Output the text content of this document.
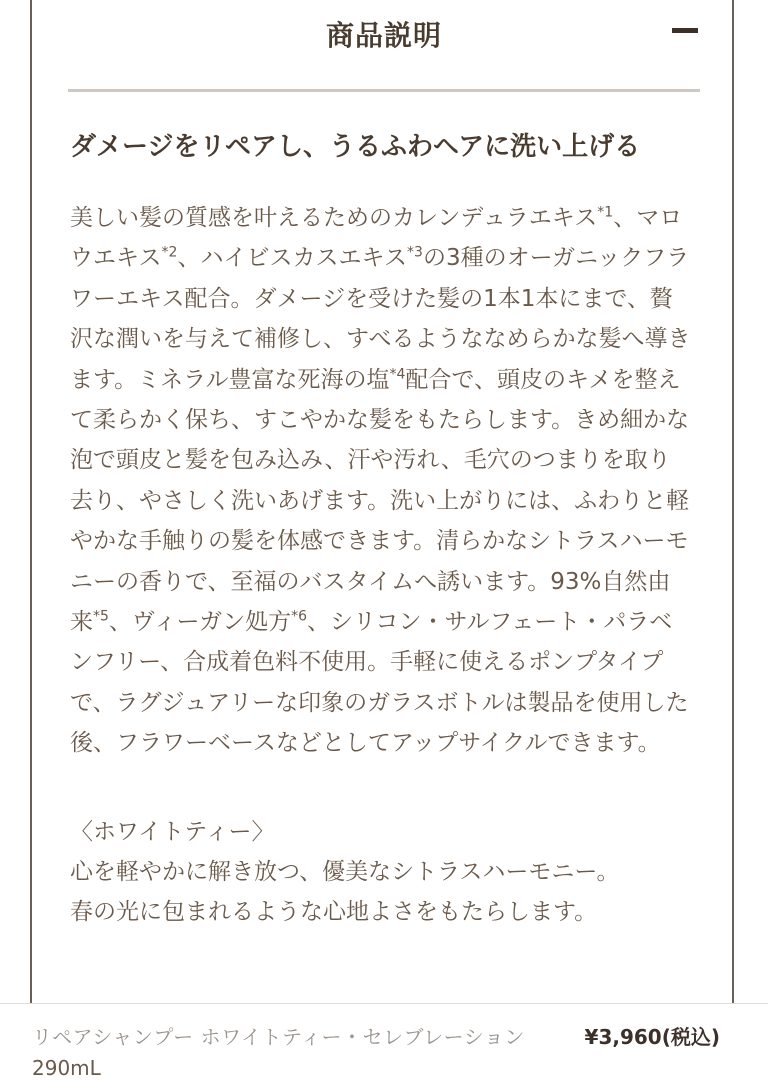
商品説明
ダメージをリペアし、うるふわヘアに洗い上げる

美しい髪の質感を叶えるためのカレンデュラエキス$^{*1}$、マロウエキス$^{*2}$、ハイビスカスエキス$^{*3}$の3種のオーガニックフラワーエキス配合。ダメージを受けた髪の1本1本にまで、贅沢な潤いを与えて補修し、すべるようななめらかな髪へ導きます。ミネラル豊富な死海の塩$^{*4}$配合で、頭皮のキメを整えて柔らかく保ち、すこやかな髪をもたらします。きめ細かな泡で頭皮と髪を包み込み、汗や汚れ、毛穴のつまりを取り去り、やさしく洗いあげます。洗い上がりには、ふわりと軽やかな手触りの髪を体感できます。清らかなシトラスハーモニーの香りで、至福のバスタイムへ誘います。93%自然由来$^{*5}$、ヴィーガン処方$^{*6}$、シリコン・サルフェート・パラベンフリー、合成着色料不使用。手軽に使えるポンプタイプで、ラグジュアリーな印象のガラスボトルは製品を使用した後、フラワーベースなどとしてアップサイクルできます。

〈ホワイトティー〉
心を軽やかに解き放つ、優美なシトラスハーモニー。
春の光に包まれるような心地よさをもたらします。
リペアシャンプー ホワイトティー・セレブレーション	¥3,960(税込)
290mL
